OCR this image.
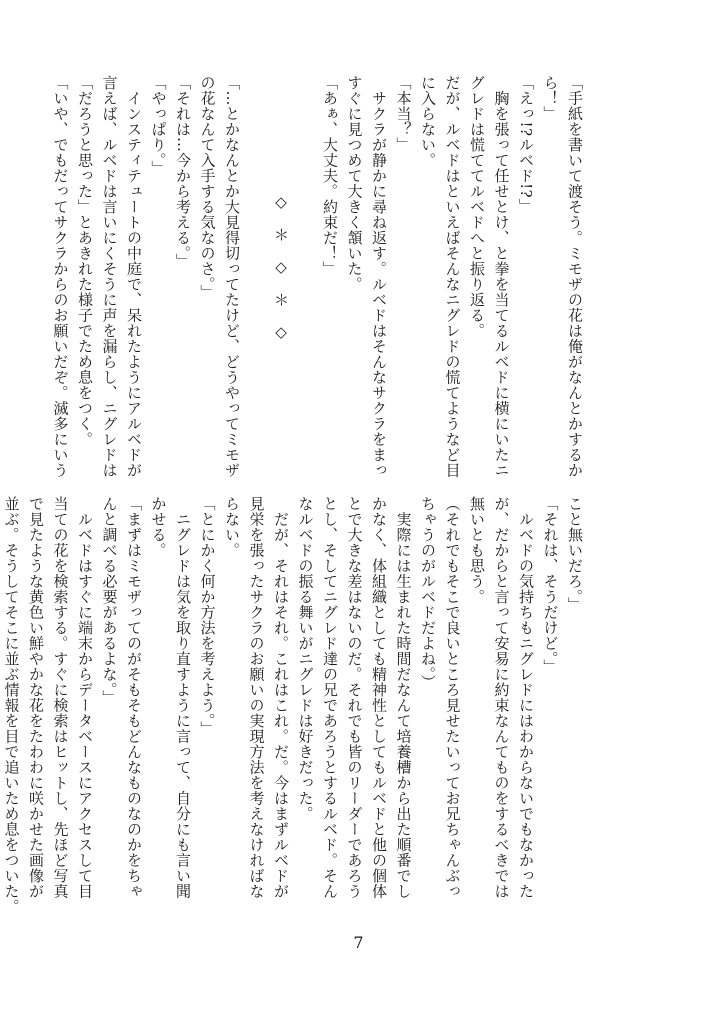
「手紙を書いて渡そう。ミモザの花は俺がなんとかするか
ら！」
「えっ!?ルベド!?」
　胸を張って任せとけ、と拳を当てるルベドに横にいたニ
グレドは慌ててルベドへと振り返る。
だが、ルベドはといえばそんなニグレドの慌てようなど目
に入らない。
「本当？」
　サクラが静かに尋ね返す。ルベドはそんなサクラをまっ
すぐに見つめて大きく頷いた。
「あぁ、大丈夫。約束だ！」

◇　＊　◇　＊　◇

「…とかなんとか大見得切ってたけど、どうやってミモザ
の花なんて入手する気なのさ。」
「それは…今から考える。」
「やっぱり。」
　インスティテュートの中庭で、呆れたようにアルベドが
言えば、ルベドは言いにくそうに声を漏らし、ニグレドは
「だろうと思った」とあきれた様子でため息をつく。
「いや、でもだってサクラからのお願いだぞ。滅多にいう
こと無いだろ。」
「それは、そうだけど。」
　ルベドの気持ちもニグレドにはわからないでもなかった
が、だからと言って安易に約束なんてものをするべきでは
無いとも思う。
（それでもそこで良いところ見せたいってお兄ちゃんぶっ
ちゃうのがルベドだよね。）
　実際には生まれた時間だなんて培養槽から出た順番でし
かなく、体組織としても精神性としてもルベドと他の個体
とで大きな差はないのだ。それでも皆のリーダーであろう
とし、そしてニグレド達の兄であろうとするルベド。そん
なルベドの振る舞いがニグレドは好きだった。
　だが、それはそれ。これはこれ。だ。今はまずルベドが
見栄を張ったサクラのお願いの実現方法を考えなければな
らない。
「とにかく何か方法を考えよう。」
　ニグレドは気を取り直すように言って、自分にも言い聞
かせる。
「まずはミモザってのがそもそもどんなものなのかをちゃ
んと調べる必要があるよな。」
　ルベドはすぐに端末からデータベースにアクセスして目
当ての花を検索する。すぐに検索はヒットし、先ほど写真
で見たような黄色い鮮やかな花をたわわに咲かせた画像が
並ぶ。そうしてそこに並ぶ情報を目で追いため息をついた。
7
